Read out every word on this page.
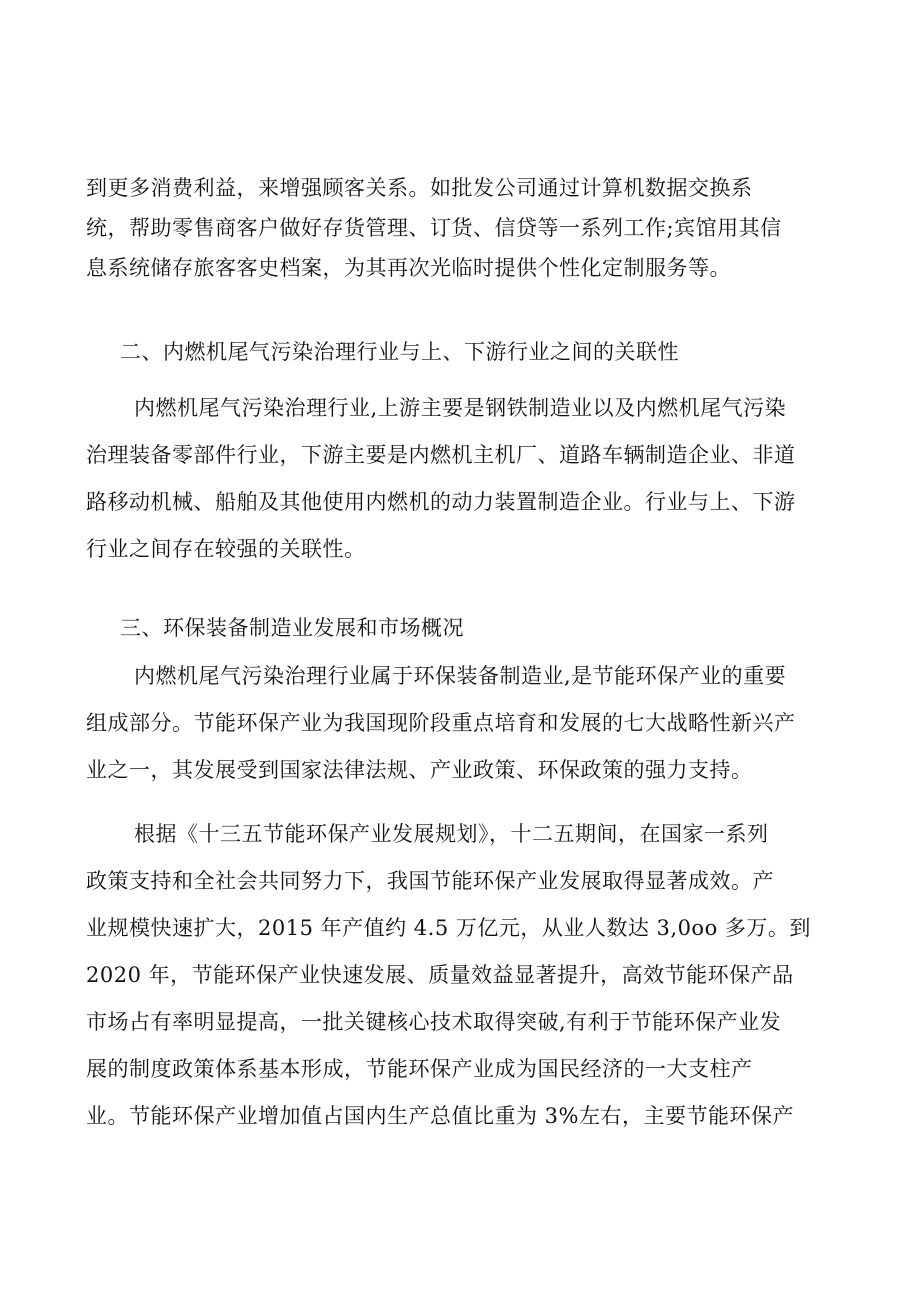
到更多消费利益，来增强顾客关系。如批发公司通过计算机数据交换系
统，帮助零售商客户做好存货管理、订货、信贷等一系列工作;宾馆用其信
息系统储存旅客客史档案，为其再次光临时提供个性化定制服务等。
二、内燃机尾气污染治理行业与上、下游行业之间的关联性
内燃机尾气污染治理行业,上游主要是钢铁制造业以及内燃机尾气污染
治理装备零部件行业，下游主要是内燃机主机厂、道路车辆制造企业、非道
路移动机械、船舶及其他使用内燃机的动力装置制造企业。行业与上、下游
行业之间存在较强的关联性。
三、环保装备制造业发展和市场概况
内燃机尾气污染治理行业属于环保装备制造业,是节能环保产业的重要
组成部分。节能环保产业为我国现阶段重点培育和发展的七大战略性新兴产
业之一，其发展受到国家法律法规、产业政策、环保政策的强力支持。
根据《十三五节能环保产业发展规划》，十二五期间，在国家一系列
政策支持和全社会共同努力下，我国节能环保产业发展取得显著成效。产
业规模快速扩大，2015 年产值约 4.5 万亿元，从业人数达 3,0oo 多万。到
2020 年，节能环保产业快速发展、质量效益显著提升，高效节能环保产品
市场占有率明显提高，一批关键核心技术取得突破,有利于节能环保产业发
展的制度政策体系基本形成，节能环保产业成为国民经济的一大支柱产
业。节能环保产业增加值占国内生产总值比重为 3%左右，主要节能环保产
